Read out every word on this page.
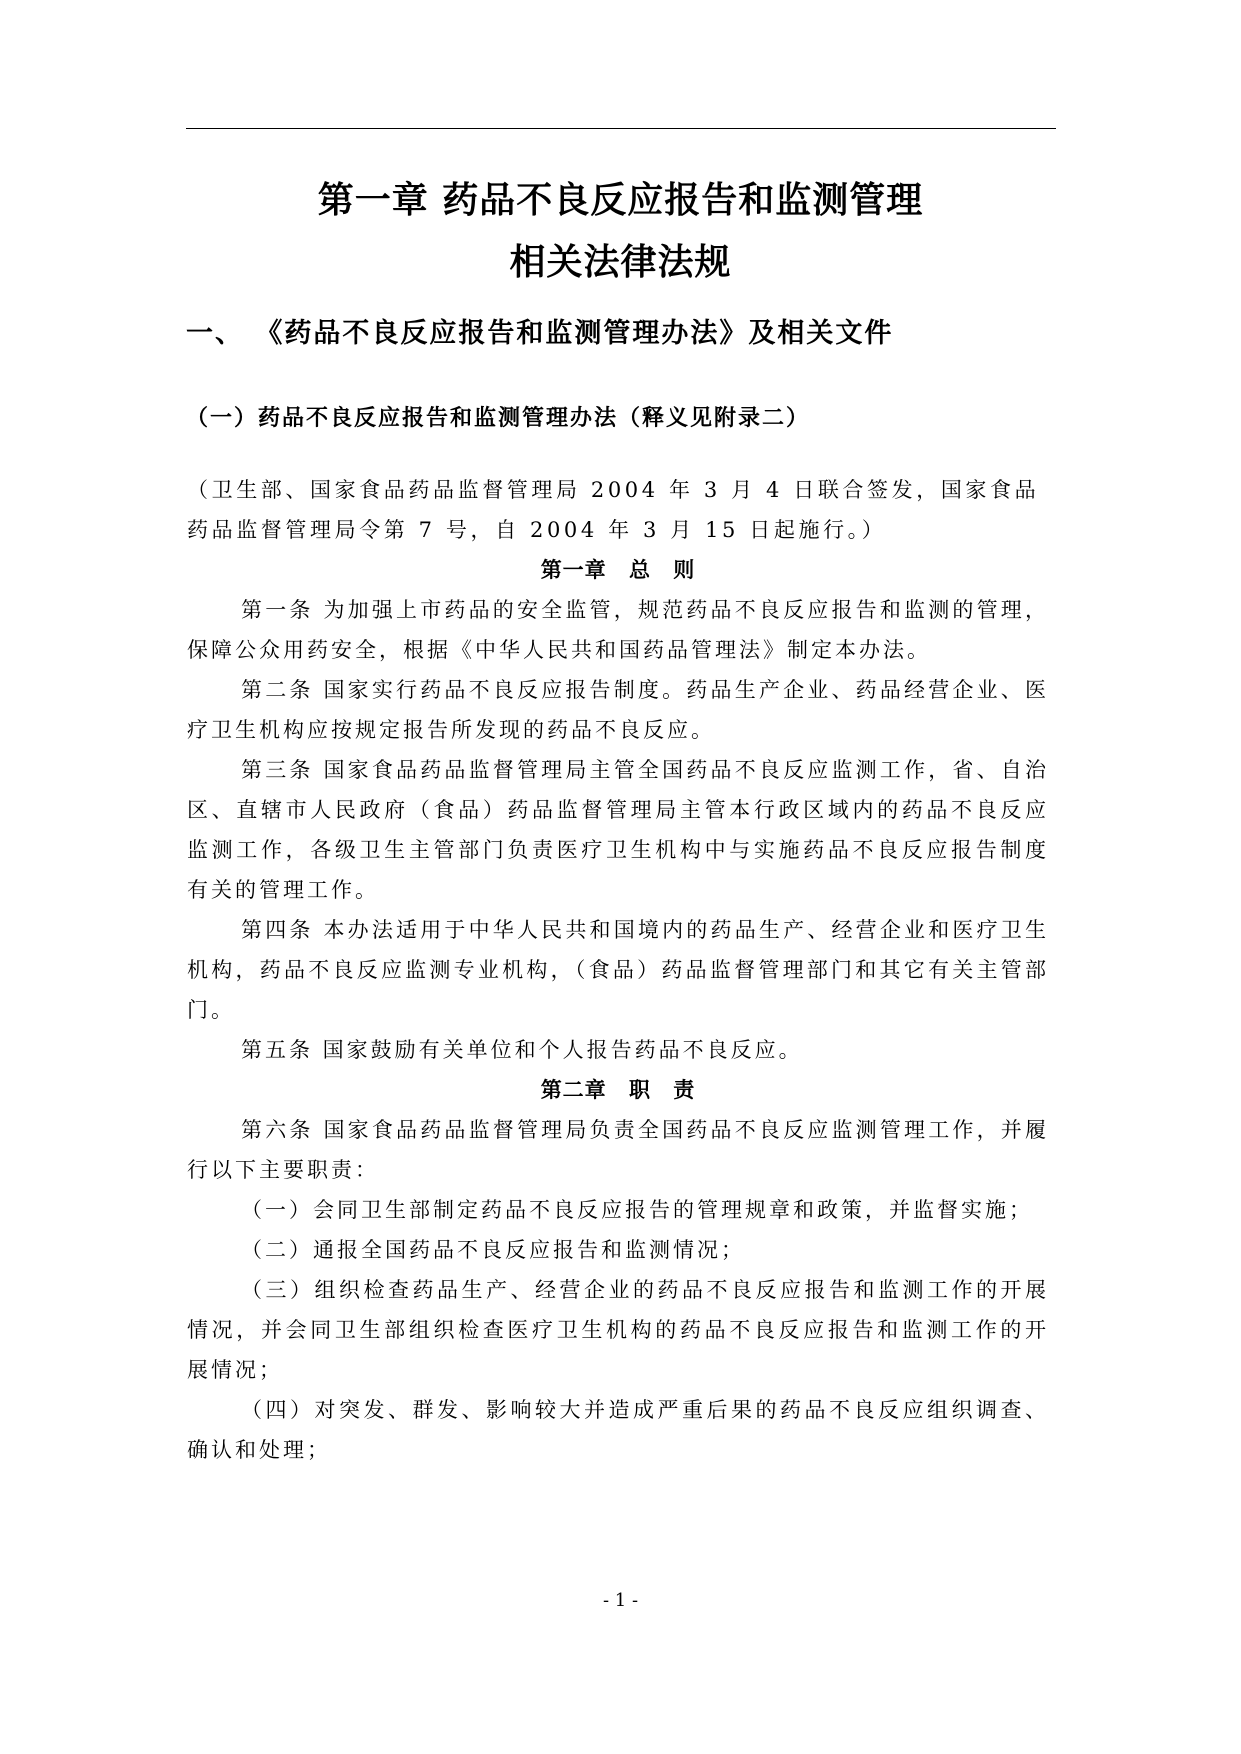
第一章 药品不良反应报告和监测管理
相关法律法规
一、 《药品不良反应报告和监测管理办法》及相关文件
（一）药品不良反应报告和监测管理办法（释义见附录二）
（卫生部、国家食品药品监督管理局 2004 年 3 月 4 日联合签发，国家食品药品监督管理局令第 7 号，自 2004 年 3 月 15 日起施行。）
第一章 总 则
第一条 为加强上市药品的安全监管，规范药品不良反应报告和监测的管理，保障公众用药安全，根据《中华人民共和国药品管理法》制定本办法。
第二条 国家实行药品不良反应报告制度。药品生产企业、药品经营企业、医疗卫生机构应按规定报告所发现的药品不良反应。
第三条 国家食品药品监督管理局主管全国药品不良反应监测工作，省、自治区、直辖市人民政府（食品）药品监督管理局主管本行政区域内的药品不良反应监测工作，各级卫生主管部门负责医疗卫生机构中与实施药品不良反应报告制度有关的管理工作。
第四条 本办法适用于中华人民共和国境内的药品生产、经营企业和医疗卫生机构，药品不良反应监测专业机构，（食品）药品监督管理部门和其它有关主管部门。
第五条 国家鼓励有关单位和个人报告药品不良反应。
第二章 职 责
第六条 国家食品药品监督管理局负责全国药品不良反应监测管理工作，并履行以下主要职责：
（一）会同卫生部制定药品不良反应报告的管理规章和政策，并监督实施；
（二）通报全国药品不良反应报告和监测情况；
（三）组织检查药品生产、经营企业的药品不良反应报告和监测工作的开展情况，并会同卫生部组织检查医疗卫生机构的药品不良反应报告和监测工作的开展情况；
（四）对突发、群发、影响较大并造成严重后果的药品不良反应组织调查、确认和处理；
- 1 -
